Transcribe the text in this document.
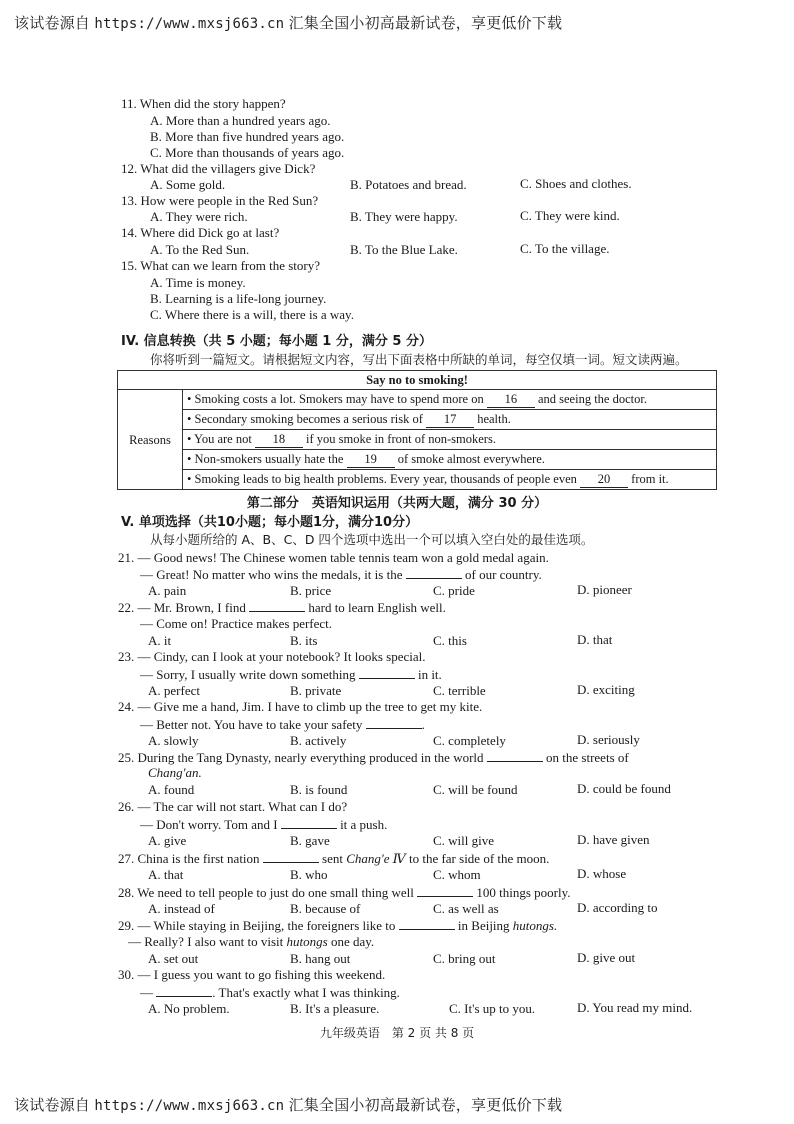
该试卷源自 https://www.mxsj663.cn 汇集全国小初高最新试卷，享更低价下载
11. When did the story happen?
A. More than a hundred years ago.
B. More than five hundred years ago.
C. More than thousands of years ago.
12. What did the villagers give Dick?
A. Some gold.	B. Potatoes and bread.	C. Shoes and clothes.
13. How were people in the Red Sun?
A. They were rich.	B. They were happy.	C. They were kind.
14. Where did Dick go at last?
A. To the Red Sun.	B. To the Blue Lake.	C. To the village.
15. What can we learn from the story?
A. Time is money.
B. Learning is a life-long journey.
C. Where there is a will, there is a way.
IV. 信息转换（共 5 小题；每小题 1 分，满分 5 分）
你将听到一篇短文。请根据短文内容，写出下面表格中所缺的单词，每空仅填一词。短文读两遍。
Say no to smoking!
Reasons	• Smoking costs a lot. Smokers may have to spend more on 16 and seeing the doctor.
• Secondary smoking becomes a serious risk of 17 health.
• You are not 18 if you smoke in front of non-smokers.
• Non-smokers usually hate the 19 of smoke almost everywhere.
• Smoking leads to big health problems. Every year, thousands of people even 20 from it.
第二部分　英语知识运用（共两大题，满分 30 分）
V. 单项选择（共10小题；每小题1分，满分10分）
从每小题所给的 A、B、C、D 四个选项中选出一个可以填入空白处的最佳选项。
21. — Good news! The Chinese women table tennis team won a gold medal again.
— Great! No matter who wins the medals, it is the	of our country.
A. pain	B. price	C. pride	D. pioneer
22. — Mr. Brown, I find	hard to learn English well.
— Come on! Practice makes perfect.
A. it	B. its	C. this	D. that
23. — Cindy, can I look at your notebook? It looks special.
— Sorry, I usually write down something	in it.
A. perfect	B. private	C. terrible	D. exciting
24. — Give me a hand, Jim. I have to climb up the tree to get my kite.
— Better not. You have to take your safety	.
A. slowly	B. actively	C. completely	D. seriously
25. During the Tang Dynasty, nearly everything produced in the world	on the streets of
Chang'an.
A. found	B. is found	C. will be found	D. could be found
26. — The car will not start. What can I do?
— Don't worry. Tom and I	it a push.
A. give	B. gave	C. will give	D. have given
27. China is the first nation	sent Chang'e Ⅳ to the far side of the moon.
A. that	B. who	C. whom	D. whose
28. We need to tell people to just do one small thing well	100 things poorly.
A. instead of	B. because of	C. as well as	D. according to
29. — While staying in Beijing, the foreigners like to	in Beijing hutongs.
— Really? I also want to visit hutongs one day.
A. set out	B. hang out	C. bring out	D. give out
30. — I guess you want to go fishing this weekend.
—	. That's exactly what I was thinking.
A. No problem.	B. It's a pleasure.	C. It's up to you.	D. You read my mind.
九年级英语　第 2 页 共 8 页
该试卷源自 https://www.mxsj663.cn 汇集全国小初高最新试卷，享更低价下载
